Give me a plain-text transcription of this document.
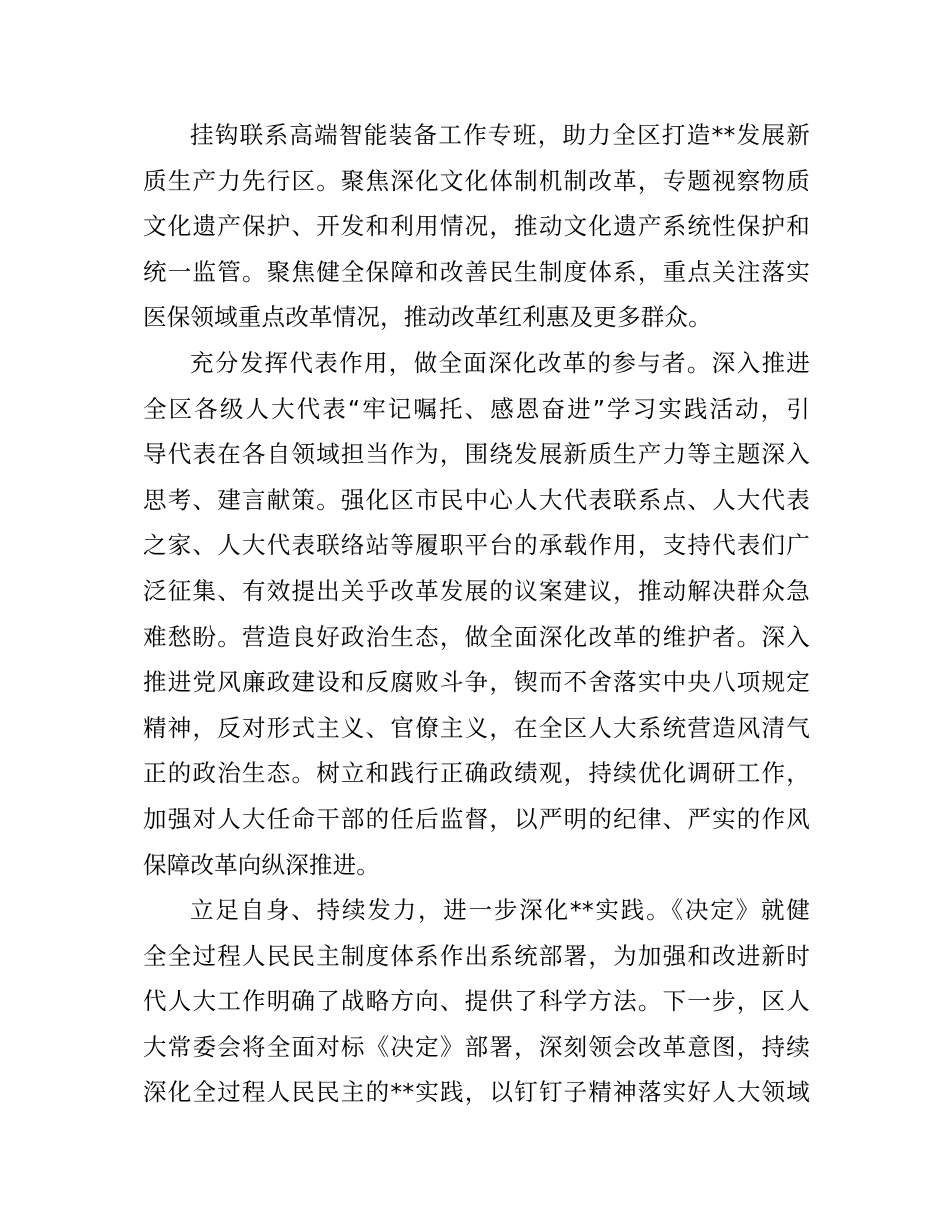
挂钩联系高端智能装备工作专班，助力全区打造**发展新
质生产力先行区。聚焦深化文化体制机制改革，专题视察物质
文化遗产保护、开发和利用情况，推动文化遗产系统性保护和
统一监管。聚焦健全保障和改善民生制度体系，重点关注落实
医保领域重点改革情况，推动改革红利惠及更多群众。
充分发挥代表作用，做全面深化改革的参与者。深入推进
全区各级人大代表“牢记嘱托、感恩奋进”学习实践活动，引
导代表在各自领域担当作为，围绕发展新质生产力等主题深入
思考、建言献策。强化区市民中心人大代表联系点、人大代表
之家、人大代表联络站等履职平台的承载作用，支持代表们广
泛征集、有效提出关乎改革发展的议案建议，推动解决群众急
难愁盼。营造良好政治生态，做全面深化改革的维护者。深入
推进党风廉政建设和反腐败斗争，锲而不舍落实中央八项规定
精神，反对形式主义、官僚主义，在全区人大系统营造风清气
正的政治生态。树立和践行正确政绩观，持续优化调研工作，
加强对人大任命干部的任后监督，以严明的纪律、严实的作风
保障改革向纵深推进。
立足自身、持续发力，进一步深化**实践。《决定》就健
全全过程人民民主制度体系作出系统部署，为加强和改进新时
代人大工作明确了战略方向、提供了科学方法。下一步，区人
大常委会将全面对标《决定》部署，深刻领会改革意图，持续
深化全过程人民民主的**实践，以钉钉子精神落实好人大领域
